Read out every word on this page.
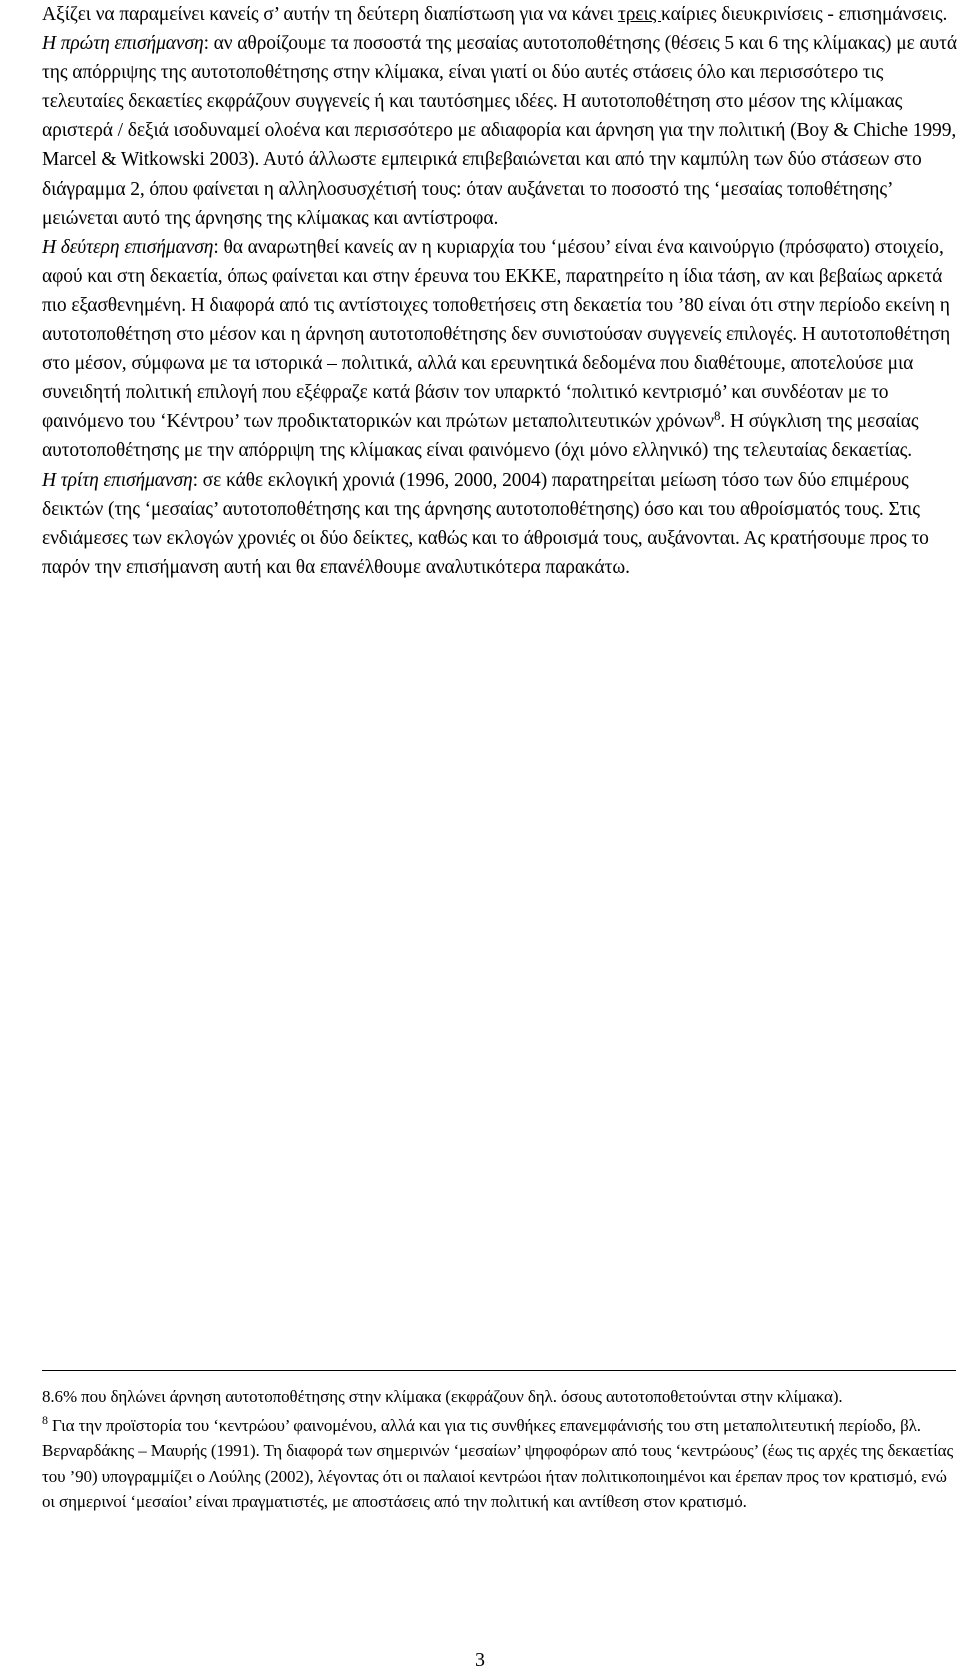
Αξίζει να παραμείνει κανείς σ’ αυτήν τη δεύτερη διαπίστωση για να κάνει τρεις καίριες διευκρινίσεις - επισημάνσεις.

Η πρώτη επισήμανση: αν αθροίζουμε τα ποσοστά της μεσαίας αυτοτοποθέτησης (θέσεις 5 και 6 της κλίμακας) με αυτά της απόρριψης της αυτοτοποθέτησης στην κλίμακα, είναι γιατί οι δύο αυτές στάσεις όλο και περισσότερο τις τελευταίες δεκαετίες εκφράζουν συγγενείς ή και ταυτόσημες ιδέες. Η αυτοτοποθέτηση στο μέσον της κλίμακας αριστερά / δεξιά ισοδυναμεί ολοένα και περισσότερο με αδιαφορία και άρνηση για την πολιτική (Boy & Chiche 1999, Marcel & Witkowski 2003). Αυτό άλλωστε εμπειρικά επιβεβαιώνεται και από την καμπύλη των δύο στάσεων στο διάγραμμα 2, όπου φαίνεται η αλληλοσυσχέτισή τους: όταν αυξάνεται το ποσοστό της ‘μεσαίας τοποθέτησης’ μειώνεται αυτό της άρνησης της κλίμακας και αντίστροφα.

Η δεύτερη επισήμανση: θα αναρωτηθεί κανείς αν η κυριαρχία του ‘μέσου’ είναι ένα καινούργιο (πρόσφατο) στοιχείο, αφού και στη δεκαετία, όπως φαίνεται και στην έρευνα του ΕΚΚΕ, παρατηρείτο η ίδια τάση, αν και βεβαίως αρκετά πιο εξασθενημένη. Η διαφορά από τις αντίστοιχες τοποθετήσεις στη δεκαετία του ’80 είναι ότι στην περίοδο εκείνη η αυτοτοποθέτηση στο μέσον και η άρνηση αυτοτοποθέτησης δεν συνιστούσαν συγγενείς επιλογές. Η αυτοτοποθέτηση στο μέσον, σύμφωνα με τα ιστορικά – πολιτικά, αλλά και ερευνητικά δεδομένα που διαθέτουμε, αποτελούσε μια συνειδητή πολιτική επιλογή που εξέφραζε κατά βάσιν τον υπαρκτό ‘πολιτικό κεντρισμό’ και συνδέοταν με το φαινόμενο του ‘Κέντρου’ των προδικτατορικών και πρώτων μεταπολιτευτικών χρόνων$^8$. Η σύγκλιση της μεσαίας αυτοτοποθέτησης με την απόρριψη της κλίμακας είναι φαινόμενο (όχι μόνο ελληνικό) της τελευταίας δεκαετίας.

Η τρίτη επισήμανση: σε κάθε εκλογική χρονιά (1996, 2000, 2004) παρατηρείται μείωση τόσο των δύο επιμέρους δεικτών (της ‘μεσαίας’ αυτοτοποθέτησης και της άρνησης αυτοτοποθέτησης) όσο και του αθροίσματός τους. Στις ενδιάμεσες των εκλογών χρονιές οι δύο δείκτες, καθώς και το άθροισμά τους, αυξάνονται. Ας κρατήσουμε προς το παρόν την επισήμανση αυτή και θα επανέλθουμε αναλυτικότερα παρακάτω.

8.6% που δηλώνει άρνηση αυτοτοποθέτησης στην κλίμακα (εκφράζουν δηλ. όσους αυτοτοποθετούνται στην κλίμακα).

$^8$ Για την προϊστορία του ‘κεντρώου’ φαινομένου, αλλά και για τις συνθήκες επανεμφάνισής του στη μεταπολιτευτική περίοδο, βλ. Βερναρδάκης – Μαυρής (1991). Τη διαφορά των σημερινών ‘μεσαίων’ ψηφοφόρων από τους ‘κεντρώους’ (έως τις αρχές της δεκαετίας του ’90) υπογραμμίζει ο Λούλης (2002), λέγοντας ότι οι παλαιοί κεντρώοι ήταν πολιτικοποιημένοι και έρεπαν προς τον κρατισμό, ενώ οι σημερινοί ‘μεσαίοι’ είναι πραγματιστές, με αποστάσεις από την πολιτική και αντίθεση στον κρατισμό.

3
